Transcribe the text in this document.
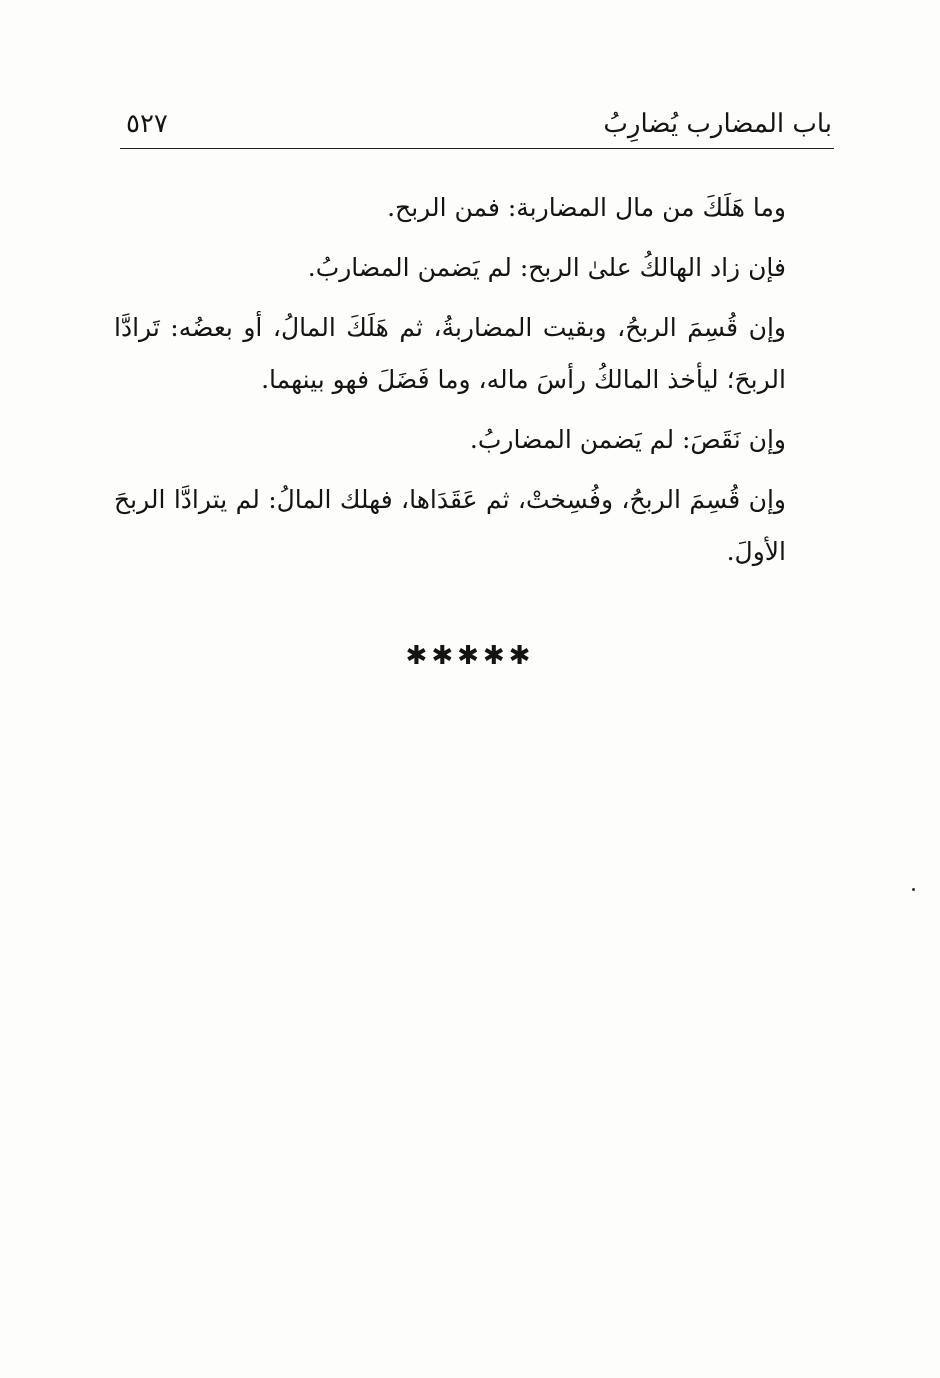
باب المضارب يُضارِبُ
٥٢٧

وما هَلَكَ من مال المضاربة: فمن الربح.

فإن زاد الهالكُ علىٰ الربح: لم يَضمن المضاربُ.

وإن قُسِمَ الربحُ، وبقيت المضاربةُ، ثم هَلَكَ المالُ، أو بعضُه: تَرادَّا الربحَ؛ ليأخذ المالكُ رأسَ ماله، وما فَضَلَ فهو بينهما.

وإن نَقَصَ: لم يَضمن المضاربُ.

وإن قُسِمَ الربحُ، وفُسِختْ، ثم عَقَدَاها، فهلك المالُ: لم يترادَّا الربحَ الأولَ.

✱✱✱✱✱
